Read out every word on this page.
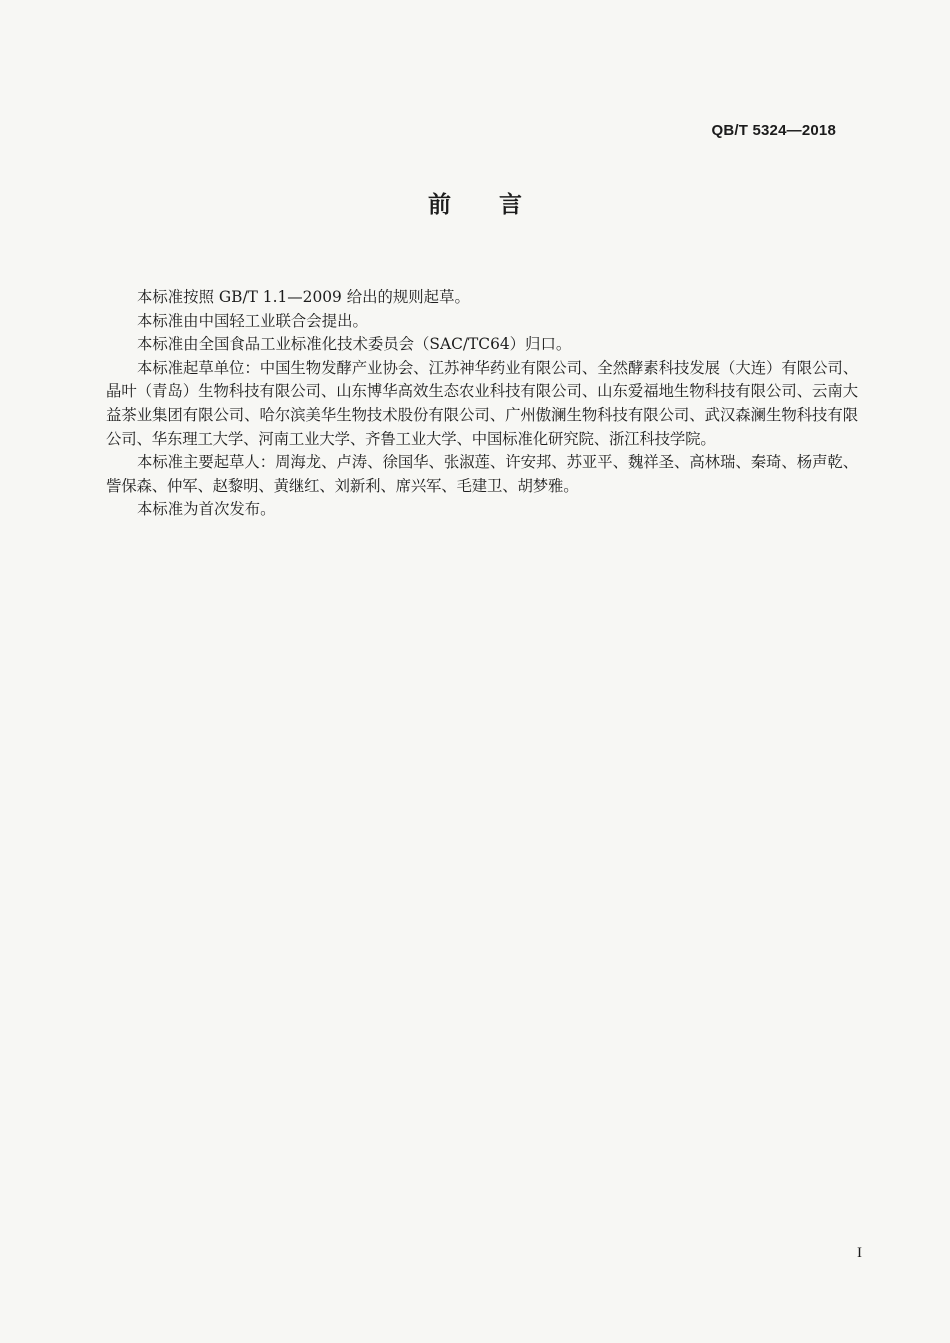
QB/T 5324—2018
前 言

本标准按照 GB/T 1.1—2009 给出的规则起草。

本标准由中国轻工业联合会提出。

本标准由全国食品工业标准化技术委员会（SAC/TC64）归口。

本标准起草单位：中国生物发酵产业协会、江苏神华药业有限公司、全然酵素科技发展（大连）有限公司、晶叶（青岛）生物科技有限公司、山东博华高效生态农业科技有限公司、山东爱福地生物科技有限公司、云南大益茶业集团有限公司、哈尔滨美华生物技术股份有限公司、广州傲澜生物科技有限公司、武汉森澜生物科技有限公司、华东理工大学、河南工业大学、齐鲁工业大学、中国标准化研究院、浙江科技学院。

本标准主要起草人：周海龙、卢涛、徐国华、张淑莲、许安邦、苏亚平、魏祥圣、高林瑞、秦琦、杨声乾、訾保森、仲军、赵黎明、黄继红、刘新利、席兴军、毛建卫、胡梦雅。

本标准为首次发布。

I
